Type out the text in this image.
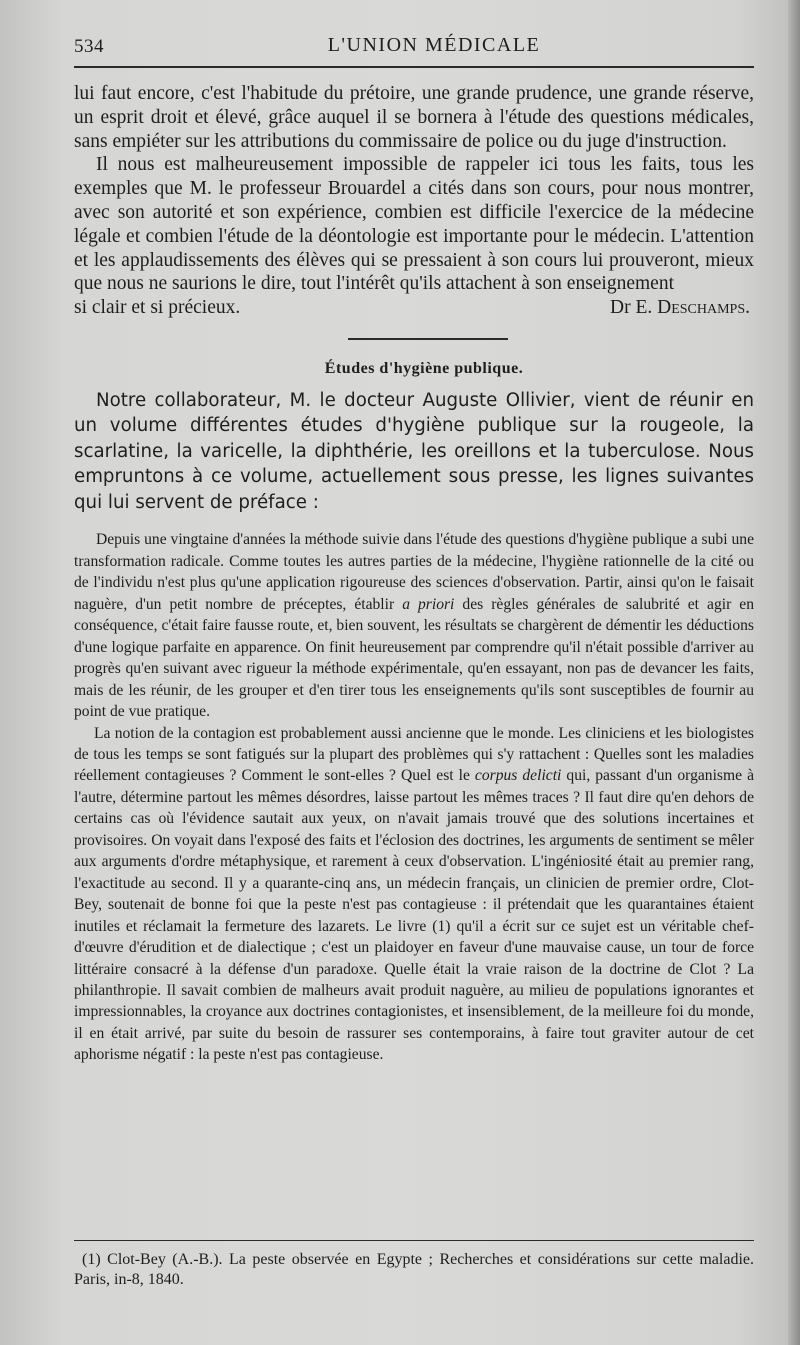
534	L'UNION MÉDICALE

lui faut encore, c'est l'habitude du prétoire, une grande prudence, une grande réserve, un esprit droit et élevé, grâce auquel il se bornera à l'étude des questions médicales, sans empiéter sur les attributions du commissaire de police ou du juge d'instruction.

Il nous est malheureusement impossible de rappeler ici tous les faits, tous les exemples que M. le professeur Brouardel a cités dans son cours, pour nous montrer, avec son autorité et son expérience, combien est difficile l'exercice de la médecine légale et combien l'étude de la déontologie est importante pour le médecin. L'attention et les applaudissements des élèves qui se pressaient à son cours lui prouveront, mieux que nous ne saurions le dire, tout l'intérêt qu'ils attachent à son enseignement

si clair et si précieux.	Dr E. Deschamps.

Études d'hygiène publique.

Notre collaborateur, M. le docteur Auguste Ollivier, vient de réunir en un volume différentes études d'hygiène publique sur la rougeole, la scarlatine, la varicelle, la diphthérie, les oreillons et la tuberculose. Nous empruntons à ce volume, actuellement sous presse, les lignes suivantes qui lui servent de préface :

Depuis une vingtaine d'années la méthode suivie dans l'étude des questions d'hygiène publique a subi une transformation radicale. Comme toutes les autres parties de la médecine, l'hygiène rationnelle de la cité ou de l'individu n'est plus qu'une application rigoureuse des sciences d'observation. Partir, ainsi qu'on le faisait naguère, d'un petit nombre de préceptes, établir a priori des règles générales de salubrité et agir en conséquence, c'était faire fausse route, et, bien souvent, les résultats se chargèrent de démentir les déductions d'une logique parfaite en apparence. On finit heureusement par comprendre qu'il n'était possible d'arriver au progrès qu'en suivant avec rigueur la méthode expérimentale, qu'en essayant, non pas de devancer les faits, mais de les réunir, de les grouper et d'en tirer tous les enseignements qu'ils sont susceptibles de fournir au point de vue pratique.

La notion de la contagion est probablement aussi ancienne que le monde. Les cliniciens et les biologistes de tous les temps se sont fatigués sur la plupart des problèmes qui s'y rattachent : Quelles sont les maladies réellement contagieuses ? Comment le sont-elles ? Quel est le corpus delicti qui, passant d'un organisme à l'autre, détermine partout les mêmes désordres, laisse partout les mêmes traces ? Il faut dire qu'en dehors de certains cas où l'évidence sautait aux yeux, on n'avait jamais trouvé que des solutions incertaines et provisoires. On voyait dans l'exposé des faits et l'éclosion des doctrines, les arguments de sentiment se mêler aux arguments d'ordre métaphysique, et rarement à ceux d'observation. L'ingéniosité était au premier rang, l'exactitude au second. Il y a quarante-cinq ans, un médecin français, un clinicien de premier ordre, Clot-Bey, soutenait de bonne foi que la peste n'est pas contagieuse : il prétendait que les quarantaines étaient inutiles et réclamait la fermeture des lazarets. Le livre (1) qu'il a écrit sur ce sujet est un véritable chef-d'œuvre d'érudition et de dialectique ; c'est un plaidoyer en faveur d'une mauvaise cause, un tour de force littéraire consacré à la défense d'un paradoxe. Quelle était la vraie raison de la doctrine de Clot ? La philanthropie. Il savait combien de malheurs avait produit naguère, au milieu de populations ignorantes et impressionnables, la croyance aux doctrines contagionistes, et insensiblement, de la meilleure foi du monde, il en était arrivé, par suite du besoin de rassurer ses contemporains, à faire tout graviter autour de cet aphorisme négatif : la peste n'est pas contagieuse.

(1) Clot-Bey (A.-B.). La peste observée en Egypte ; Recherches et considérations sur cette maladie. Paris, in-8, 1840.
